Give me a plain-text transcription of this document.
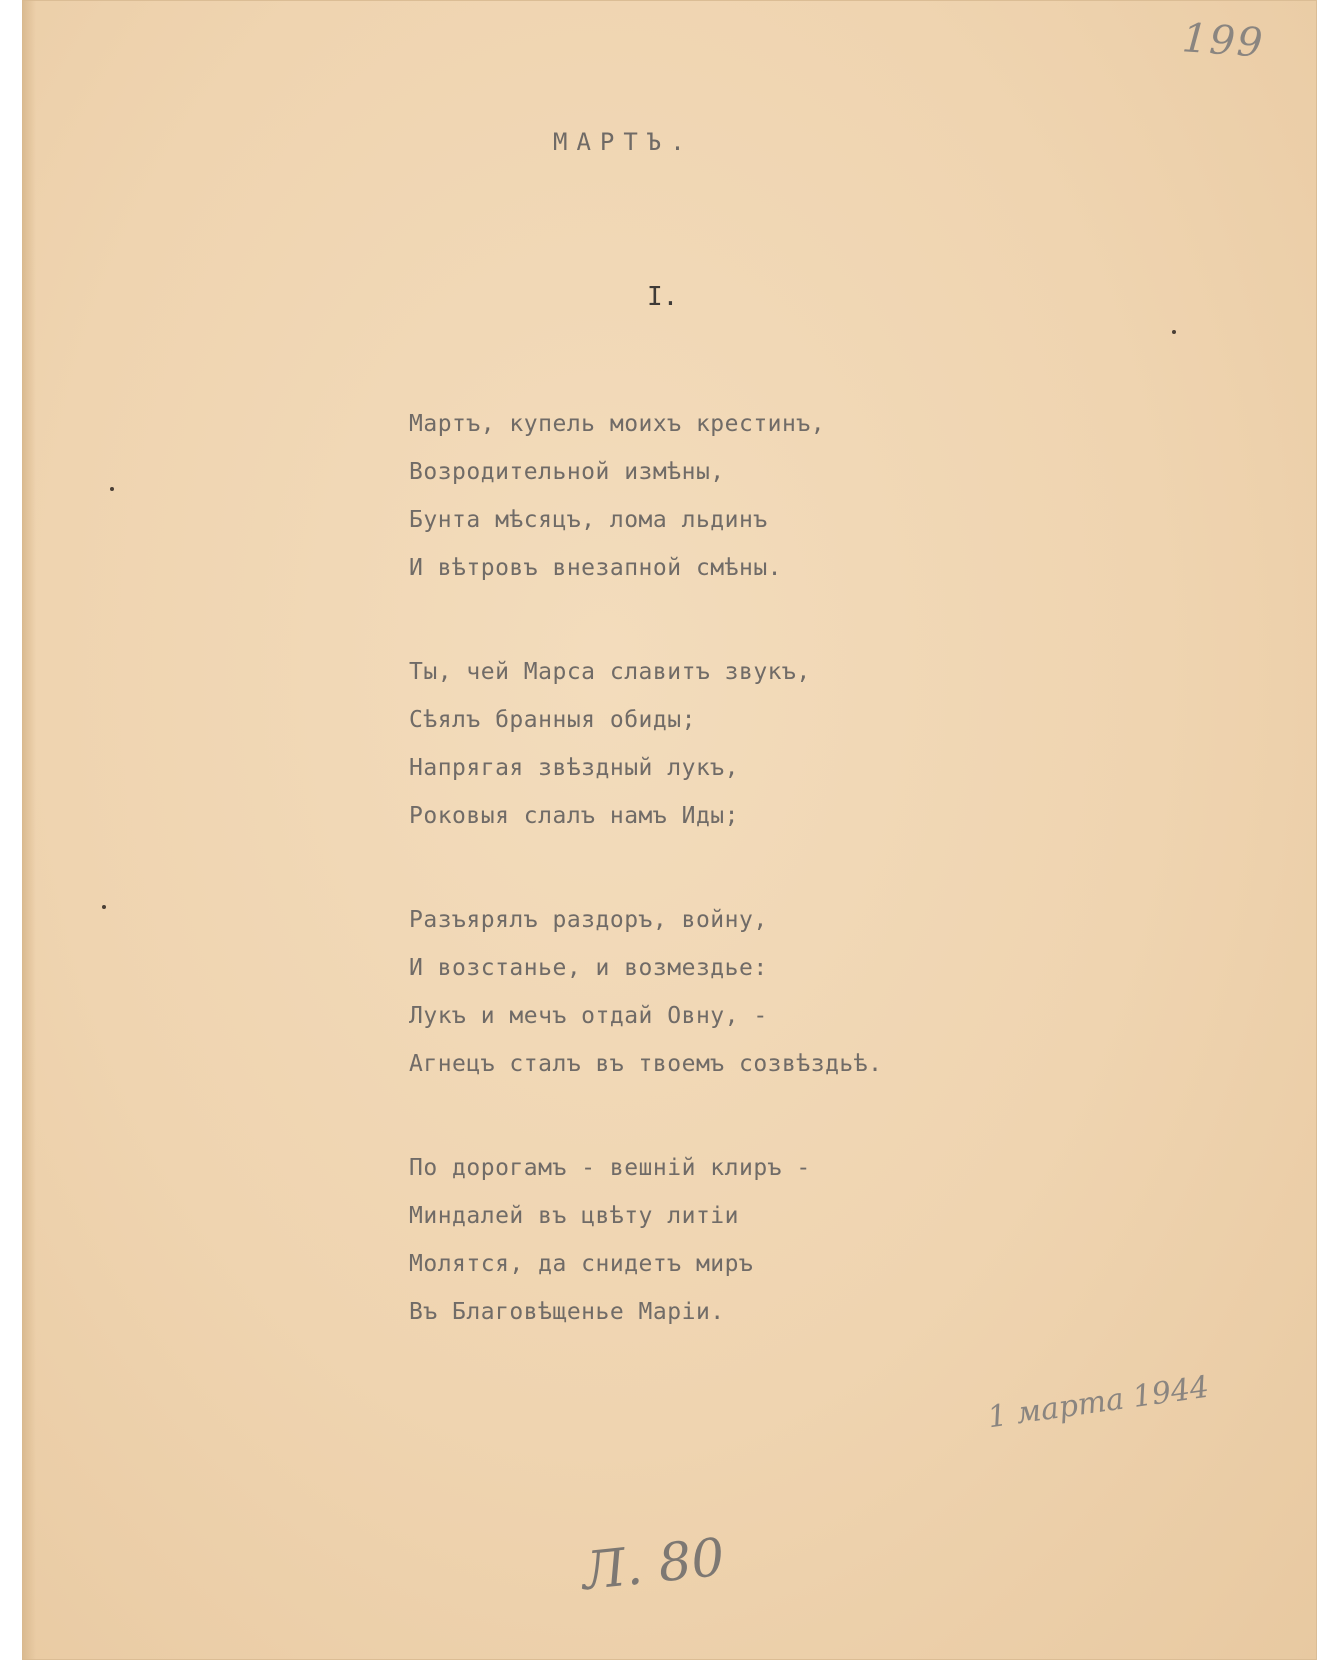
199
МАРТЪ.
I.
Мартъ, купель моихъ крестинъ,
Возродительной измѣны,
Бунта мѣсяцъ, лома льдинъ
И вѣтровъ внезапной смѣны.
Ты, чей Марса славитъ звукъ,
Сѣялъ бранныя обиды;
Напрягая звѣздный лукъ,
Роковыя слалъ намъ Иды;
Разъярялъ раздоръ, войну,
И возстанье, и возмездье:
Лукъ и мечъ отдай Овну, -
Агнецъ сталъ въ твоемъ созвѣздьѣ.
По дорогамъ - вешнiй клиръ -
Миндалей въ цвѣту литiи
Молятся, да снидетъ миръ
Въ Благовѣщенье Марiи.
1 марта 1944
Л. 80
